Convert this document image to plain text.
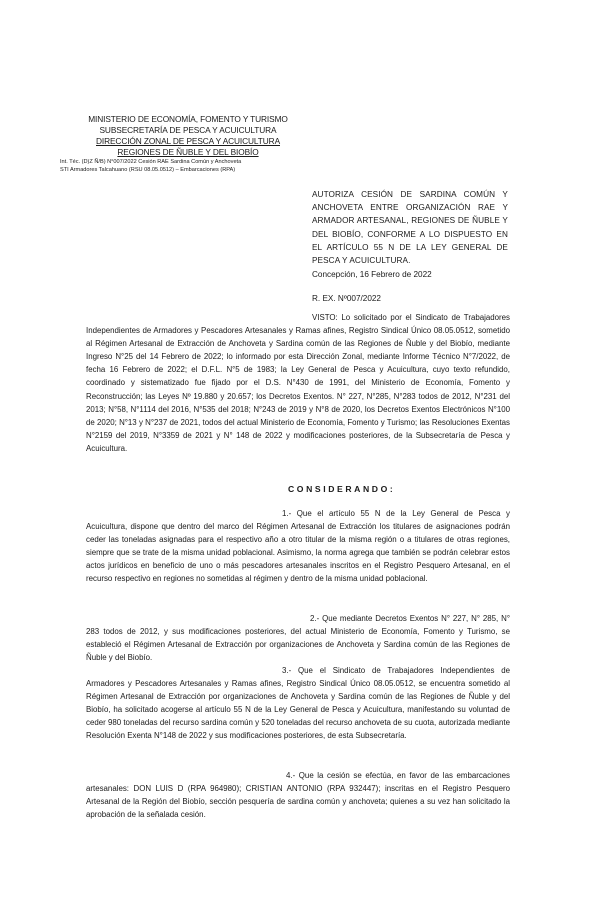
MINISTERIO DE ECONOMÍA, FOMENTO Y TURISMO
SUBSECRETARÍA DE PESCA Y ACUICULTURA
DIRECCIÓN ZONAL DE PESCA Y ACUICULTURA
REGIONES DE ÑUBLE Y DEL BIOBÍO
Int. Téc. (D)Z Ñ/B) N°007/2022 Cesión RAE Sardina Común y Anchoveta
STI Armadores Talcahuano (RSU 08.05.0512) – Embarcaciones (RPA)
AUTORIZA CESIÓN DE SARDINA COMÚN Y ANCHOVETA ENTRE ORGANIZACIÓN RAE Y ARMADOR ARTESANAL, REGIONES DE ÑUBLE Y DEL BIOBÍO, CONFORME A LO DISPUESTO EN EL ARTÍCULO 55 N DE LA LEY GENERAL DE PESCA Y ACUICULTURA.
Concepción, 16 Febrero de 2022
R. EX. Nº007/2022

VISTO: Lo solicitado por el Sindicato de Trabajadores Independientes de Armadores y Pescadores Artesanales y Ramas afines, Registro Sindical Único 08.05.0512, sometido al Régimen Artesanal de Extracción de Anchoveta y Sardina común de las Regiones de Ñuble y del Biobío, mediante Ingreso N°25 del 14 Febrero de 2022; lo informado por esta Dirección Zonal, mediante Informe Técnico N°7/2022, de fecha 16 Febrero de 2022; el D.F.L. N°5 de 1983; la Ley General de Pesca y Acuicultura, cuyo texto refundido, coordinado y sistematizado fue fijado por el D.S. N°430 de 1991, del Ministerio de Economía, Fomento y Reconstrucción; las Leyes Nº 19.880 y 20.657; los Decretos Exentos. N° 227, N°285, N°283 todos de 2012, N°231 del 2013; N°58, N°1114 del 2016, N°535 del 2018; N°243 de 2019 y N°8 de 2020, los Decretos Exentos Electrónicos N°100 de 2020; N°13 y N°237 de 2021, todos del actual Ministerio de Economía, Fomento y Turismo; las Resoluciones Exentas N°2159 del 2019, N°3359 de 2021 y N° 148 de 2022 y modificaciones posteriores, de la Subsecretaría de Pesca y Acuicultura.

CONSIDERANDO:

1.- Que el artículo 55 N de la Ley General de Pesca y Acuicultura, dispone que dentro del marco del Régimen Artesanal de Extracción los titulares de asignaciones podrán ceder las toneladas asignadas para el respectivo año a otro titular de la misma región o a titulares de otras regiones, siempre que se trate de la misma unidad poblacional. Asimismo, la norma agrega que también se podrán celebrar estos actos jurídicos en beneficio de uno o más pescadores artesanales inscritos en el Registro Pesquero Artesanal, en el recurso respectivo en regiones no sometidas al régimen y dentro de la misma unidad poblacional.

2.- Que mediante Decretos Exentos N° 227, N° 285, N° 283 todos de 2012, y sus modificaciones posteriores, del actual Ministerio de Economía, Fomento y Turismo, se estableció el Régimen Artesanal de Extracción por organizaciones de Anchoveta y Sardina común de las Regiones de Ñuble y del Biobío.

3.- Que el Sindicato de Trabajadores Independientes de Armadores y Pescadores Artesanales y Ramas afines, Registro Sindical Único 08.05.0512, se encuentra sometido al Régimen Artesanal de Extracción por organizaciones de Anchoveta y Sardina común de las Regiones de Ñuble y del Biobío, ha solicitado acogerse al artículo 55 N de la Ley General de Pesca y Acuicultura, manifestando su voluntad de ceder 980 toneladas del recurso sardina común y 520 toneladas del recurso anchoveta de su cuota, autorizada mediante Resolución Exenta N°148 de 2022 y sus modificaciones posteriores, de esta Subsecretaría.

4.- Que la cesión se efectúa, en favor de las embarcaciones artesanales: DON LUIS D (RPA 964980); CRISTIAN ANTONIO (RPA 932447); inscritas en el Registro Pesquero Artesanal de la Región del Biobío, sección pesquería de sardina común y anchoveta; quienes a su vez han solicitado la aprobación de la señalada cesión.
